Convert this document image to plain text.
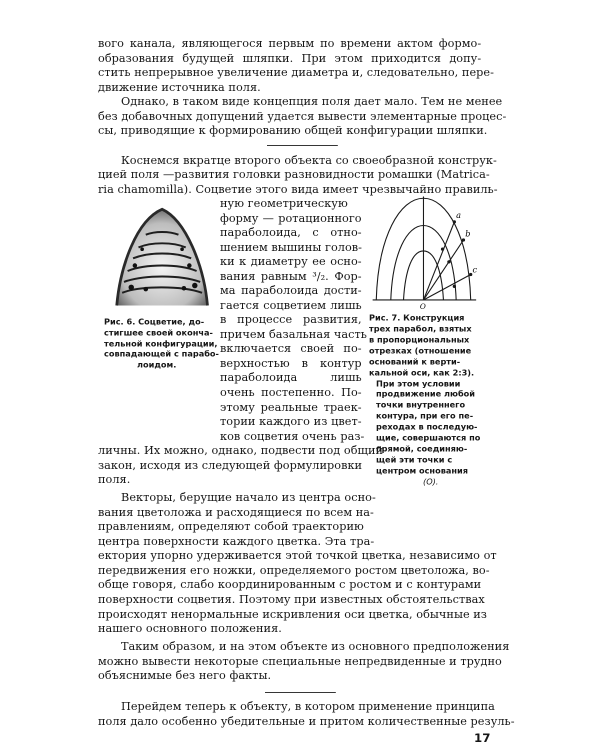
вого канала, являющегося первым по времени актом формо-
образования будущей шляпки. При этом приходится допу-
стить непрерывное увеличение диаметра и, следовательно, пере-
движение источника поля.
Однако, в таком виде концепция поля дает мало. Тем не менее
без добавочных допущений удается вывести элементарные процес-
сы, приводящие к формированию общей конфигурации шляпки.
Коснемся вкратце второго объекта со своеобразной конструк-
цией поля —развития головки разновидности ромашки (Matrica-
ria chamomilla). Соцветие этого вида имеет чрезвычайно правиль-
ную геометрическую
форму — ротационного
параболоида, с отно-
шением вышины голов-
ки к диаметру ее осно-
вания равным ³/₂. Фор-
ма параболоида дости-
гается соцветием лишь
в процессе развития,
причем базальная часть
включается своей по-
верхностью в контур
параболоида лишь
очень постепенно. По-
этому реальные траек-
тории каждого из цвет-
ков соцветия очень раз-
личны. Их можно, однако, подвести под общий
закон, исходя из следующей формулировки
поля.
Векторы, берущие начало из центра осно-
вания цветоложа и расходящиеся по всем на-
правлениям, определяют собой траекторию
центра поверхности каждого цветка. Эта тра-
ектория упорно удерживается этой точкой цветка, независимо от
передвижения его ножки, определяемого ростом цветоложа, во-
обще говоря, слабо координированным с ростом и с контурами
поверхности соцветия. Поэтому при известных обстоятельствах
происходят ненормальные искривления оси цветка, обычные из
нашего основного положения.
Таким образом, и на этом объекте из основного предположения
можно вывести некоторые специальные непредвиденные и трудно
объяснимые без него факты.
Перейдем теперь к объекту, в котором применение принципа
поля дало особенно убедительные и притом количественные резуль-
17
Рис. 6. Соцветие, до-
стигшее своей оконча-
тельной конфигурации,
совпадающей с парабо-
лоидом.
a
b
c
O
Рис. 7. Конструкция
трех парабол, взятых
в пропорциональных
отрезках (отношение
оснований к верти-
кальной оси, как 2:3).
При этом условии
продвижение любой
точки внутреннего
контура, при его пе-
реходах в последую-
щие, совершаются по
прямой, соединяю-
щей эти точки с
центром основания
(O).
